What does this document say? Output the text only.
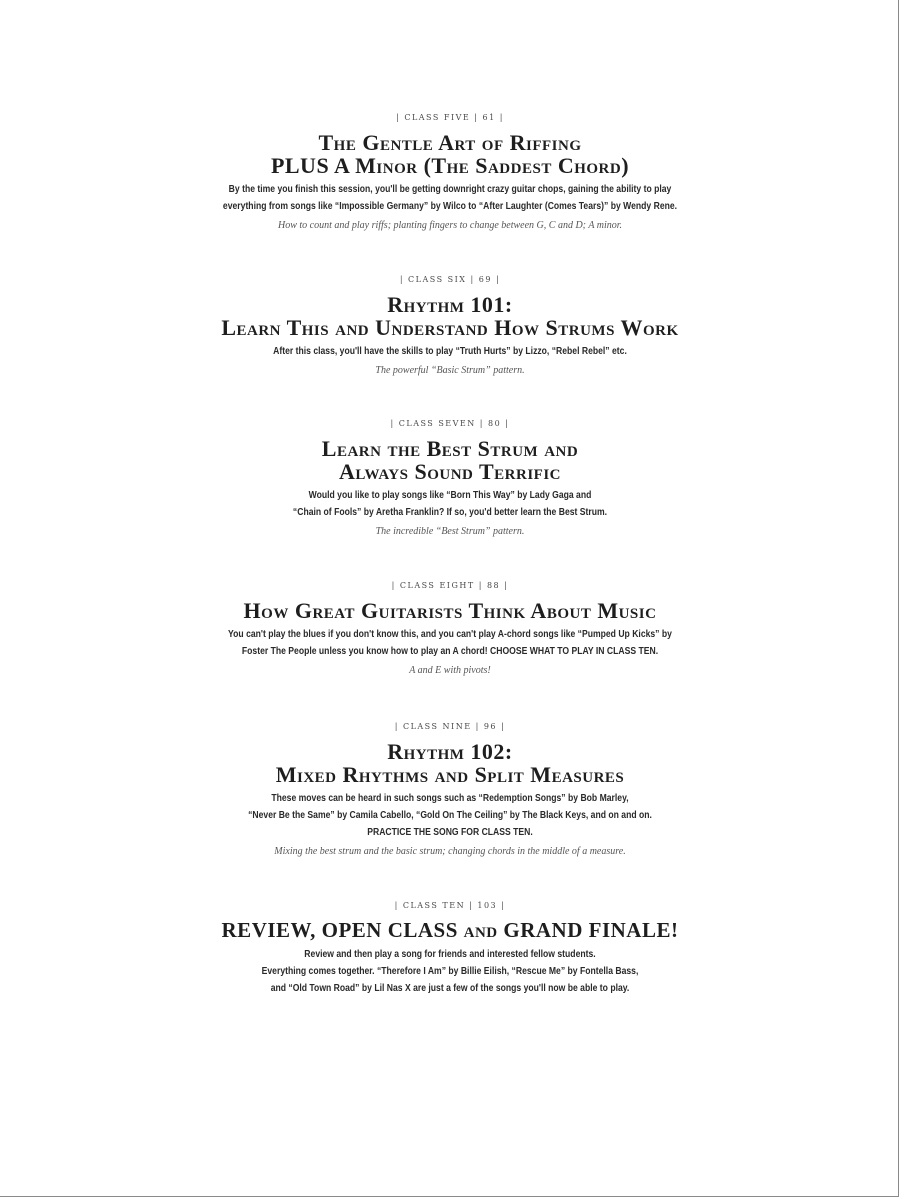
| CLASS FIVE | 61 |
The Gentle Art of Riffing
PLUS A Minor (The Saddest Chord)
By the time you finish this session, you'll be getting downright crazy guitar chops, gaining the ability to play
everything from songs like “Impossible Germany” by Wilco to “After Laughter (Comes Tears)” by Wendy Rene.
How to count and play riffs; planting fingers to change between G, C and D; A minor.
| CLASS SIX | 69 |
Rhythm 101:
Learn This and Understand How Strums Work
After this class, you'll have the skills to play “Truth Hurts” by Lizzo, “Rebel Rebel” etc.
The powerful “Basic Strum” pattern.
| CLASS SEVEN | 80 |
Learn the Best Strum and
Always Sound Terrific
Would you like to play songs like “Born This Way” by Lady Gaga and
“Chain of Fools” by Aretha Franklin? If so, you'd better learn the Best Strum.
The incredible “Best Strum” pattern.
| CLASS EIGHT | 88 |
How Great Guitarists Think About Music
You can't play the blues if you don't know this, and you can't play A-chord songs like “Pumped Up Kicks” by
Foster The People unless you know how to play an A chord! CHOOSE WHAT TO PLAY IN CLASS TEN.
A and E with pivots!
| CLASS NINE | 96 |
Rhythm 102:
Mixed Rhythms and Split Measures
These moves can be heard in such songs such as “Redemption Songs” by Bob Marley,
“Never Be the Same” by Camila Cabello, “Gold On The Ceiling” by The Black Keys, and on and on.
PRACTICE THE SONG FOR CLASS TEN.
Mixing the best strum and the basic strum; changing chords in the middle of a measure.
| CLASS TEN | 103 |
REVIEW, OPEN CLASS and GRAND FINALE!
Review and then play a song for friends and interested fellow students.
Everything comes together. “Therefore I Am” by Billie Eilish, “Rescue Me” by Fontella Bass,
and “Old Town Road” by Lil Nas X are just a few of the songs you'll now be able to play.
